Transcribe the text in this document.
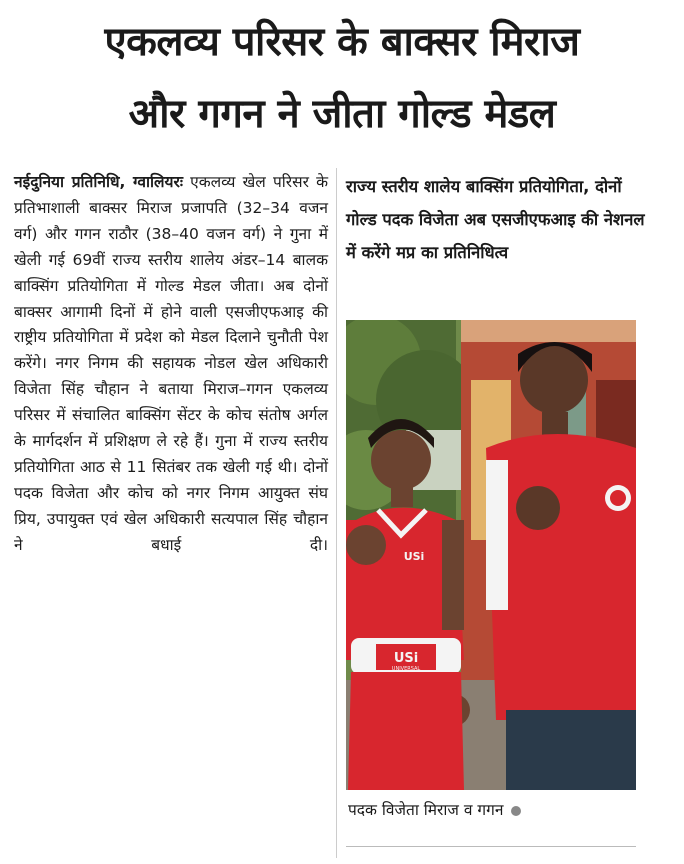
एकलव्य परिसर के बाक्सर मिराज
और गगन ने जीता गोल्ड मेडल

नईदुनिया प्रतिनिधि, ग्वालियरः एकलव्य खेल परिसर के प्रतिभाशाली बाक्सर मिराज प्रजापति (32–34 वजन वर्ग) और गगन राठौर (38–40 वजन वर्ग) ने गुना में खेली गई 69वीं राज्य स्तरीय शालेय अंडर–14 बालक बाक्सिंग प्रतियोगिता में गोल्ड मेडल जीता। अब दोनों बाक्सर आगामी दिनों में होने वाली एसजीएफआइ की राष्ट्रीय प्रतियोगिता में प्रदेश को मेडल दिलाने चुनौती पेश करेंगे। नगर निगम की सहायक नोडल खेल अधिकारी विजेता सिंह चौहान ने बताया मिराज–गगन एकलव्य परिसर में संचालित बाक्सिंग सेंटर के कोच संतोष अर्गल के मार्गदर्शन में प्रशिक्षण ले रहे हैं। गुना में राज्य स्तरीय प्रतियोगिता आठ से 11 सितंबर तक खेली गई थी। दोनों पदक विजेता और कोच को नगर निगम आयुक्त संघ प्रिय, उपायुक्त एवं खेल अधिकारी सत्यपाल सिंह चौहान ने बधाई दी।

राज्य स्तरीय शालेय बाक्सिंग प्रतियोगिता, दोनों गोल्ड पदक विजेता अब एसजीएफआइ की नेशनल में करेंगे मप्र का प्रतिनिधित्व

USi
UNIVERSAL
USi
पदक विजेता मिराज व गगन
